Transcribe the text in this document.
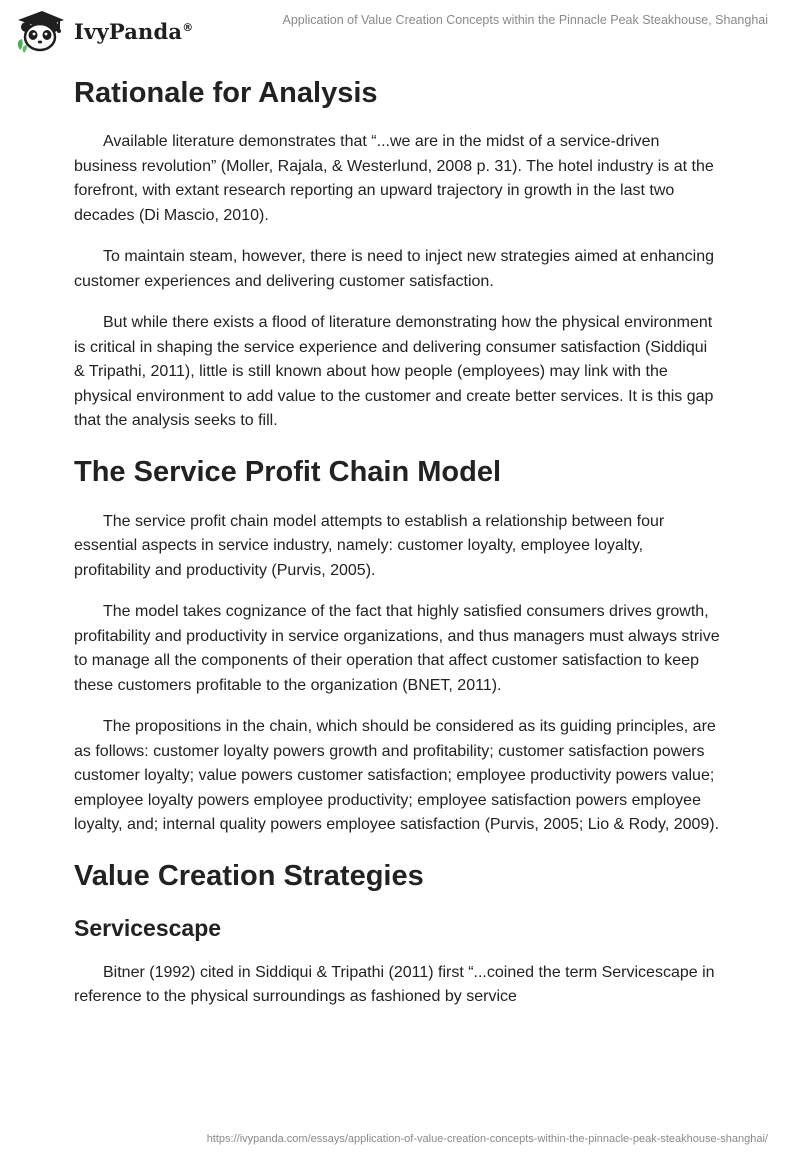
IvyPanda®	Application of Value Creation Concepts within the Pinnacle Peak Steakhouse, Shanghai
Rationale for Analysis

Available literature demonstrates that “...we are in the midst of a service-driven business revolution” (Moller, Rajala, & Westerlund, 2008 p. 31). The hotel industry is at the forefront, with extant research reporting an upward trajectory in growth in the last two decades (Di Mascio, 2010).

To maintain steam, however, there is need to inject new strategies aimed at enhancing customer experiences and delivering customer satisfaction.

But while there exists a flood of literature demonstrating how the physical environment is critical in shaping the service experience and delivering consumer satisfaction (Siddiqui & Tripathi, 2011), little is still known about how people (employees) may link with the physical environment to add value to the customer and create better services. It is this gap that the analysis seeks to fill.

The Service Profit Chain Model

The service profit chain model attempts to establish a relationship between four essential aspects in service industry, namely: customer loyalty, employee loyalty, profitability and productivity (Purvis, 2005).

The model takes cognizance of the fact that highly satisfied consumers drives growth, profitability and productivity in service organizations, and thus managers must always strive to manage all the components of their operation that affect customer satisfaction to keep these customers profitable to the organization (BNET, 2011).

The propositions in the chain, which should be considered as its guiding principles, are as follows: customer loyalty powers growth and profitability; customer satisfaction powers customer loyalty; value powers customer satisfaction; employee productivity powers value; employee loyalty powers employee productivity; employee satisfaction powers employee loyalty, and; internal quality powers employee satisfaction (Purvis, 2005; Lio & Rody, 2009).

Value Creation Strategies
Servicescape

Bitner (1992) cited in Siddiqui & Tripathi (2011) first “...coined the term Servicescape in reference to the physical surroundings as fashioned by service

https://ivypanda.com/essays/application-of-value-creation-concepts-within-the-pinnacle-peak-steakhouse-shanghai/
